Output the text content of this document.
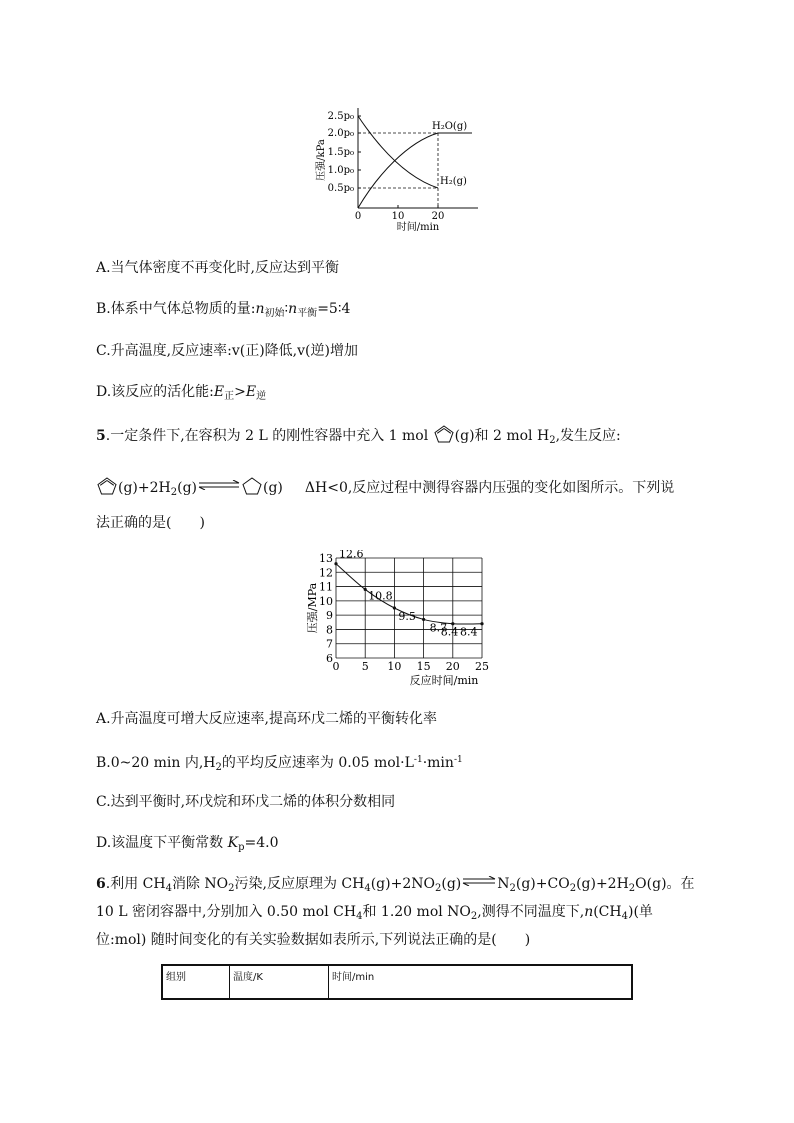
2.5p₀
2.0p₀
1.5p₀
1.0p₀
0.5p₀
0	10	20
时间/min
压强/kPa
H₂O(g)
H₂(g)
A.当气体密度不再变化时,反应达到平衡
B.体系中气体总物质的量$:n_{初始}∶n_{平衡}=5∶4$
C.升高温度,反应速率:v(正)降低,v(逆)增加
D.该反应的活化能$:E_正>E_逆$
5.一定条件下,在容积为 2 L 的刚性容器中充入 1 mol (g)和 2 mol $H_2$,发生反应:
$(g)+2H_2(g)\rightleftharpoons$ (g) ΔH<0,反应过程中测得容器内压强的变化如图所示。下列说
法正确的是(　　)
0 5 10 15 20 25
13
12
11
10
9
8
7
6
12.6
10.8
9.5
8.7
8.4 8.4
反应时间/min
压强/MPa
A.升高温度可增大反应速率,提高环戊二烯的平衡转化率
B.0~20 min 内$,H_2$的平均反应速率为 0.05 $mol\cdot L^{-1}\cdot\min^{-1}$
C.达到平衡时,环戊烷和环戊二烯的体积分数相同
D.该温度下平衡常数 $K_p=4.0$
6.利用 $CH_4$消除 $NO_2$污染,反应原理为 $CH_4(g)+2NO_2(g)\rightleftharpoons N_2(g)+CO_2(g)+2H_2O(g)$。在
10 L 密闭容器中,分别加入 0.50 mol $CH_4$和 1.20 mol $NO_2$,测得不同温度下$,n(CH_4)$(单
位:mol) 随时间变化的有关实验数据如表所示,下列说法正确的是(　　)
组别	温度/K	时间/min
